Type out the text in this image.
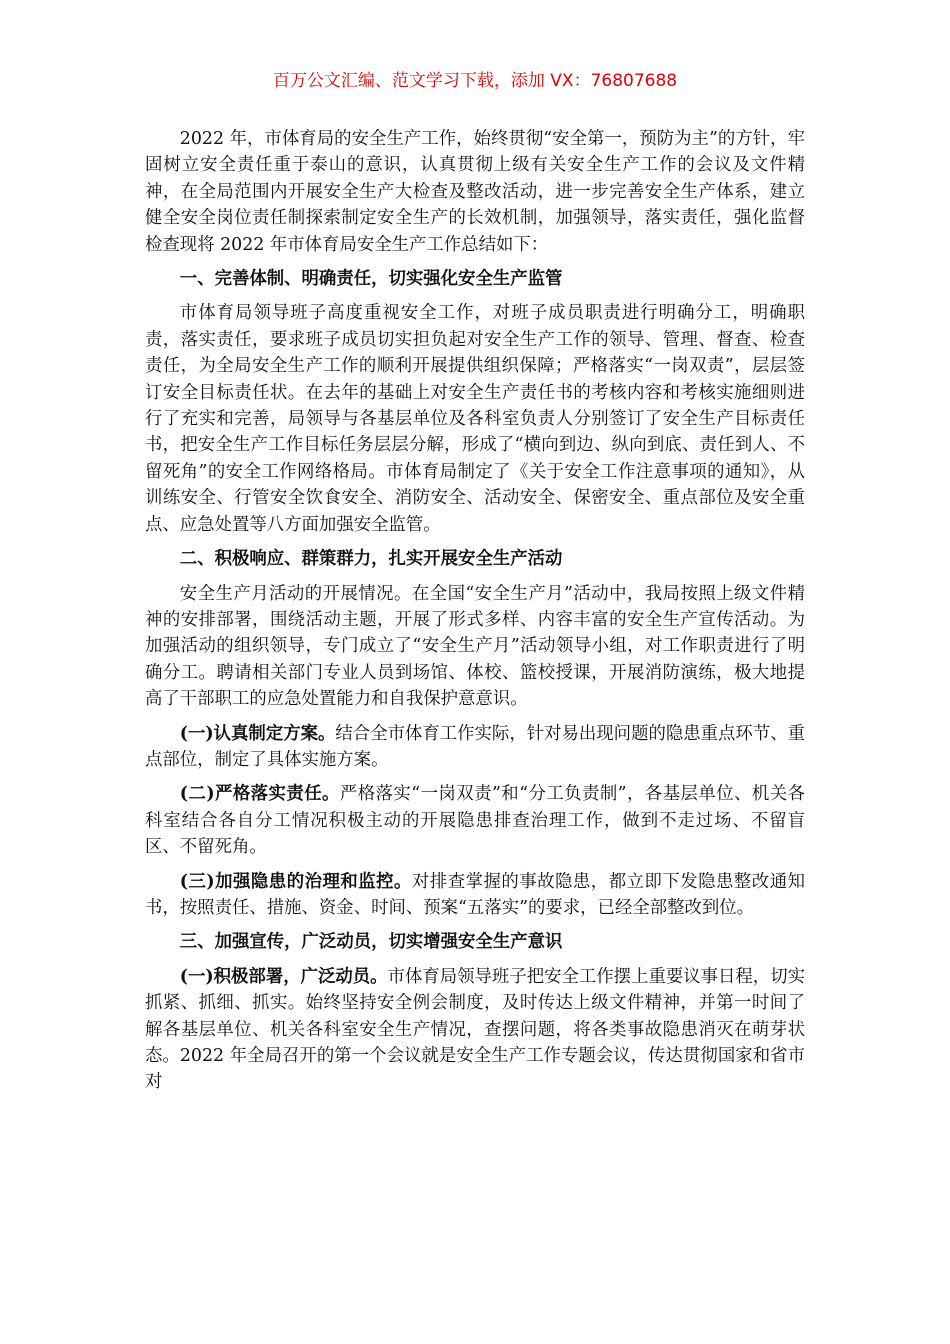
百万公文汇编、范文学习下载，添加 VX：76807688

2022 年，市体育局的安全生产工作，始终贯彻“安全第一，预防为主”的方针，牢固树立安全责任重于泰山的意识，认真贯彻上级有关安全生产工作的会议及文件精神，在全局范围内开展安全生产大检查及整改活动，进一步完善安全生产体系，建立健全安全岗位责任制探索制定安全生产的长效机制，加强领导，落实责任，强化监督检查现将 2022 年市体育局安全生产工作总结如下：

一、完善体制、明确责任，切实强化安全生产监管

市体育局领导班子高度重视安全工作，对班子成员职责进行明确分工，明确职责，落实责任，要求班子成员切实担负起对安全生产工作的领导、管理、督查、检查责任，为全局安全生产工作的顺利开展提供组织保障；严格落实“一岗双责”，层层签订安全目标责任状。在去年的基础上对安全生产责任书的考核内容和考核实施细则进行了充实和完善，局领导与各基层单位及各科室负责人分别签订了安全生产目标责任书，把安全生产工作目标任务层层分解，形成了“横向到边、纵向到底、责任到人、不留死角”的安全工作网络格局。市体育局制定了《关于安全工作注意事项的通知》，从训练安全、行管安全饮食安全、消防安全、活动安全、保密安全、重点部位及安全重点、应急处置等八方面加强安全监管。

二、积极响应、群策群力，扎实开展安全生产活动

安全生产月活动的开展情况。在全国“安全生产月”活动中，我局按照上级文件精神的安排部署，围绕活动主题，开展了形式多样、内容丰富的安全生产宣传活动。为加强活动的组织领导，专门成立了“安全生产月”活动领导小组，对工作职责进行了明确分工。聘请相关部门专业人员到场馆、体校、篮校授课，开展消防演练，极大地提高了干部职工的应急处置能力和自我保护意意识。

(一)认真制定方案。结合全市体育工作实际，针对易出现问题的隐患重点环节、重点部位，制定了具体实施方案。

(二)严格落实责任。严格落实“一岗双责”和“分工负责制”，各基层单位、机关各科室结合各自分工情况积极主动的开展隐患排查治理工作，做到不走过场、不留盲区、不留死角。

(三)加强隐患的治理和监控。对排查掌握的事故隐患，都立即下发隐患整改通知书，按照责任、措施、资金、时间、预案“五落实”的要求，已经全部整改到位。

三、加强宣传，广泛动员，切实增强安全生产意识

(一)积极部署，广泛动员。市体育局领导班子把安全工作摆上重要议事日程，切实抓紧、抓细、抓实。始终坚持安全例会制度，及时传达上级文件精神，并第一时间了解各基层单位、机关各科室安全生产情况，查摆问题，将各类事故隐患消灭在萌芽状态。2022 年全局召开的第一个会议就是安全生产工作专题会议，传达贯彻国家和省市对
